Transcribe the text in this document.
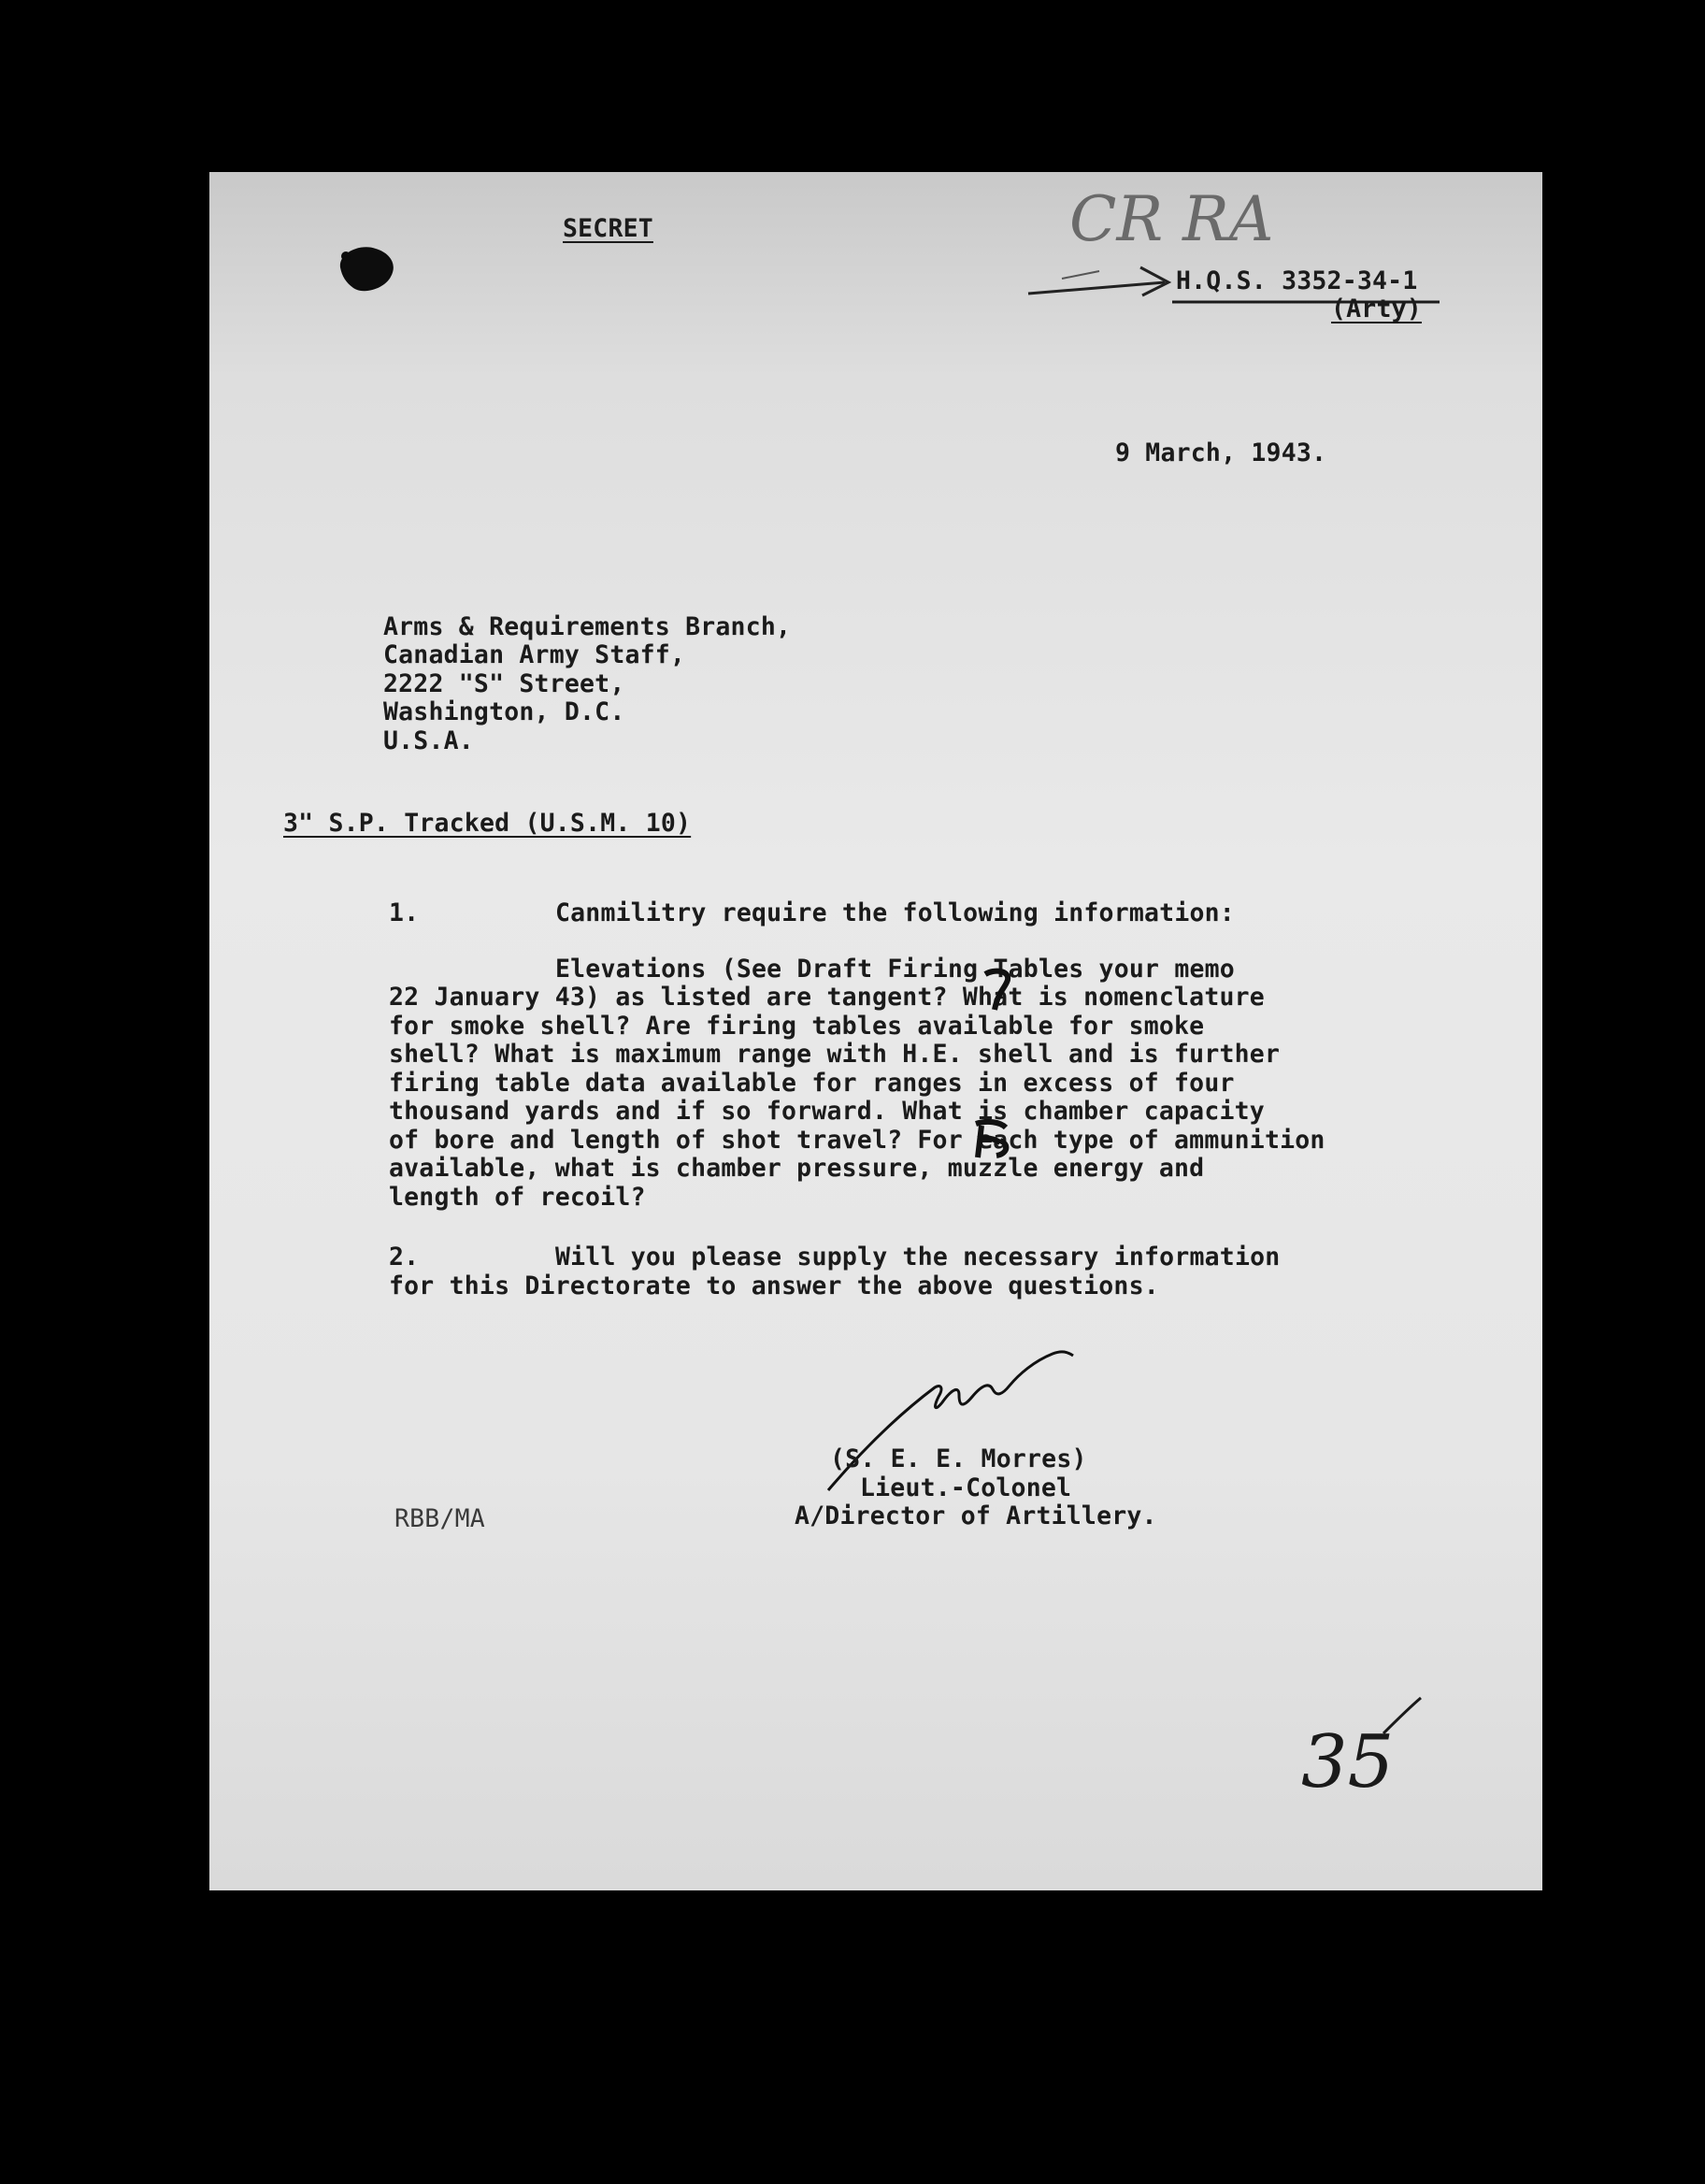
SECRET	CR RA
H.Q.S. 3352-34-1
(Arty)
9 March, 1943.
Arms & Requirements Branch,
Canadian Army Staff,
2222 "S" Street,
Washington, D.C.
U.S.A.
3" S.P. Tracked (U.S.M. 10)
1.	Canmilitry require the following information:
Elevations (See Draft Firing Tables your memo
22 January 43) as listed are tangent? What is nomenclature
for smoke shell? Are firing tables available for smoke
shell? What is maximum range with H.E. shell and is further
firing table data available for ranges in excess of four
thousand yards and if so forward. What is chamber capacity
of bore and length of shot travel? For each type of ammunition
available, what is chamber pressure, muzzle energy and
length of recoil?
2.	Will you please supply the necessary information
for this Directorate to answer the above questions.
(S. E. E. Morres)
Lieut.-Colonel
A/Director of Artillery.
RBB/MA
35
